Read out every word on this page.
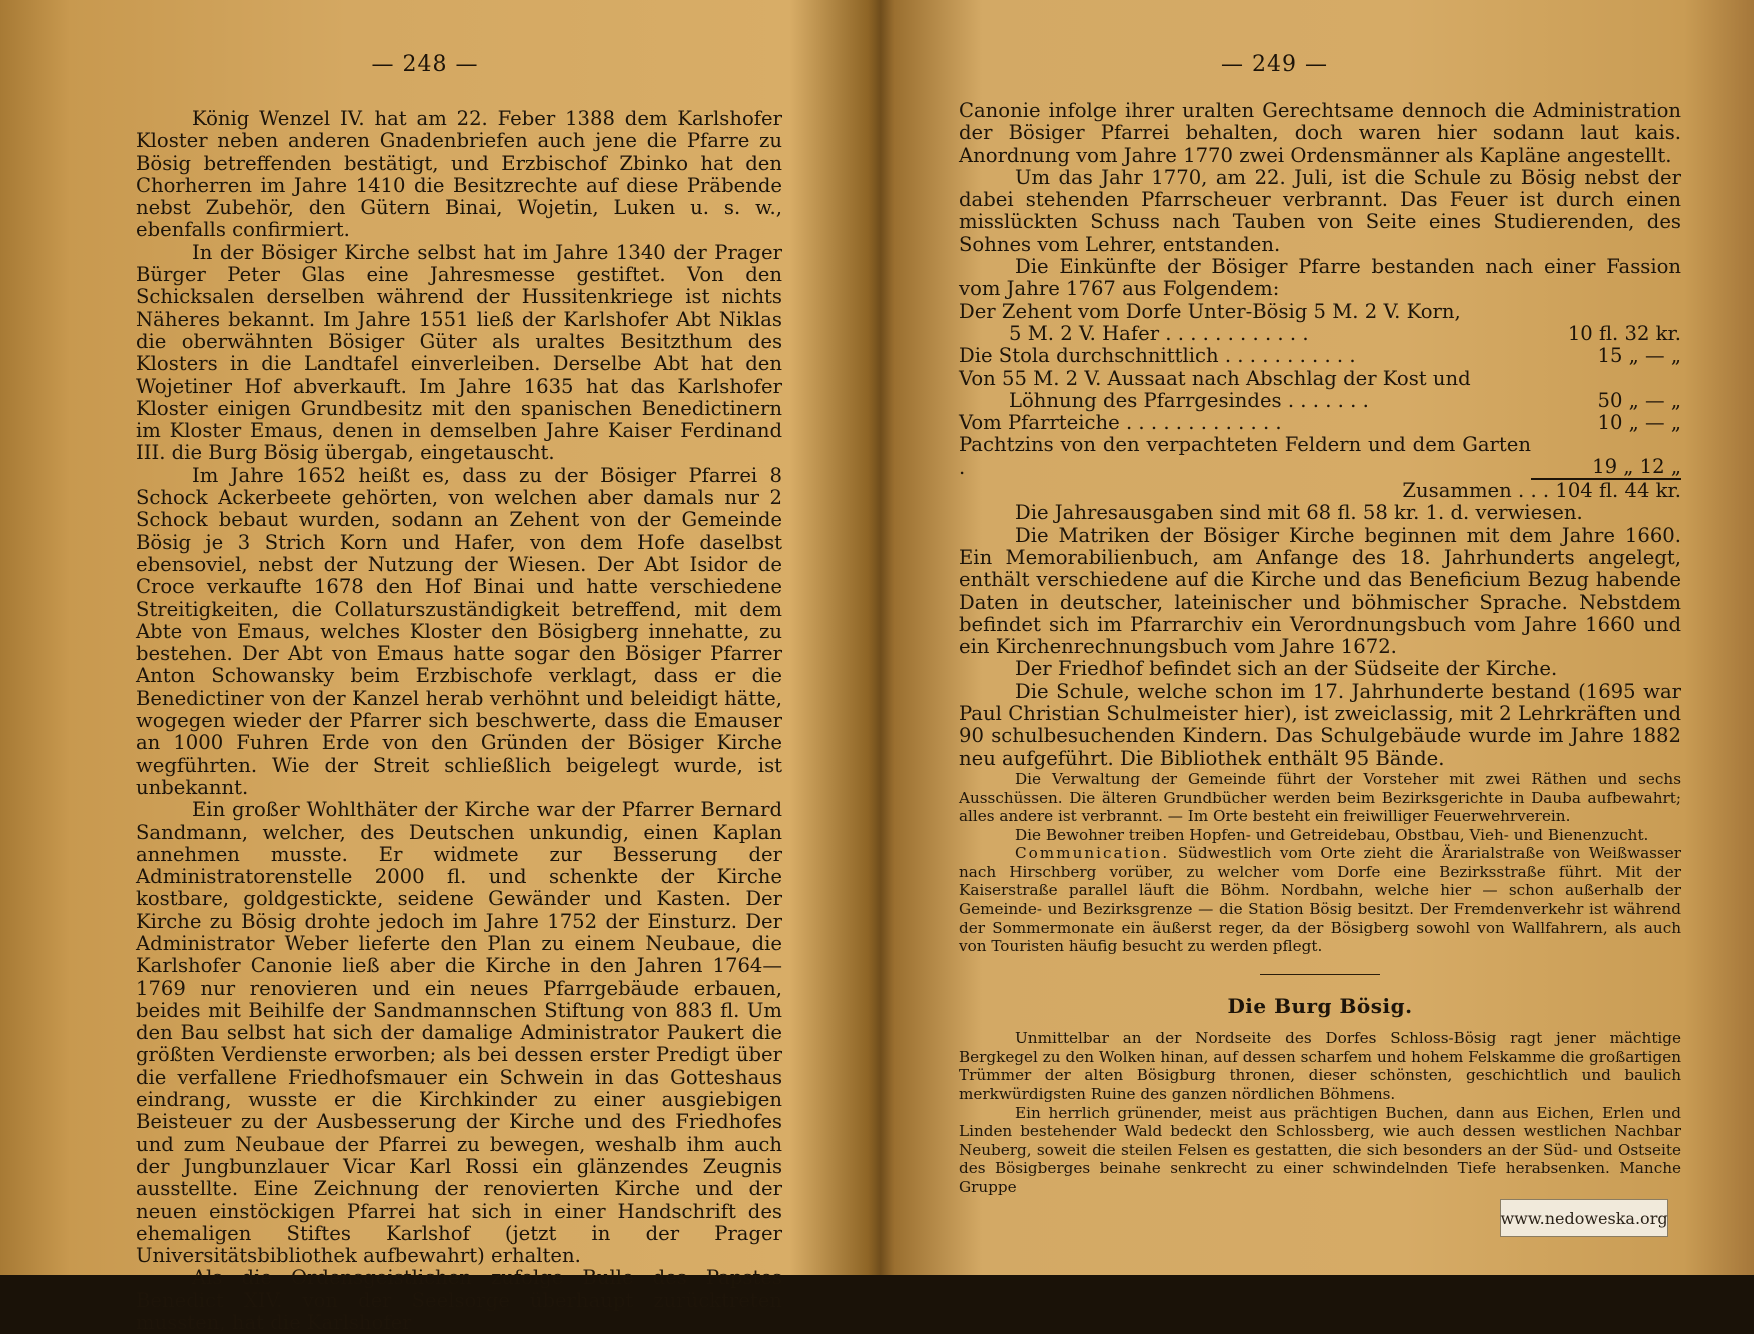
— 248 —

König Wenzel IV. hat am 22. Feber 1388 dem Karlshofer Kloster neben anderen Gnadenbriefen auch jene die Pfarre zu Bösig betreffenden bestätigt, und Erzbischof Zbinko hat den Chorherren im Jahre 1410 die Besitzrechte auf diese Präbende nebst Zubehör, den Gütern Binai, Wojetin, Luken u. s. w., ebenfalls confirmiert.

In der Bösiger Kirche selbst hat im Jahre 1340 der Prager Bürger Peter Glas eine Jahresmesse gestiftet. Von den Schicksalen derselben während der Hussitenkriege ist nichts Näheres bekannt. Im Jahre 1551 ließ der Karlshofer Abt Niklas die oberwähnten Bösiger Güter als uraltes Besitzthum des Klosters in die Landtafel einverleiben. Derselbe Abt hat den Wojetiner Hof abverkauft. Im Jahre 1635 hat das Karlshofer Kloster einigen Grundbesitz mit den spanischen Benedictinern im Kloster Emaus, denen in demselben Jahre Kaiser Ferdinand III. die Burg Bösig übergab, eingetauscht.

Im Jahre 1652 heißt es, dass zu der Bösiger Pfarrei 8 Schock Ackerbeete gehörten, von welchen aber damals nur 2 Schock bebaut wurden, sodann an Zehent von der Gemeinde Bösig je 3 Strich Korn und Hafer, von dem Hofe daselbst ebensoviel, nebst der Nutzung der Wiesen. Der Abt Isidor de Croce verkaufte 1678 den Hof Binai und hatte verschiedene Streitigkeiten, die Collaturszuständigkeit betreffend, mit dem Abte von Emaus, welches Kloster den Bösigberg innehatte, zu bestehen. Der Abt von Emaus hatte sogar den Bösiger Pfarrer Anton Schowansky beim Erzbischofe verklagt, dass er die Benedictiner von der Kanzel herab verhöhnt und beleidigt hätte, wogegen wieder der Pfarrer sich beschwerte, dass die Emauser an 1000 Fuhren Erde von den Gründen der Bösiger Kirche wegführten. Wie der Streit schließlich beigelegt wurde, ist unbekannt.

Ein großer Wohlthäter der Kirche war der Pfarrer Bernard Sandmann, welcher, des Deutschen unkundig, einen Kaplan annehmen musste. Er widmete zur Besserung der Administratorenstelle 2000 fl. und schenkte der Kirche kostbare, goldgestickte, seidene Gewänder und Kasten. Der Kirche zu Bösig drohte jedoch im Jahre 1752 der Einsturz. Der Administrator Weber lieferte den Plan zu einem Neubaue, die Karlshofer Canonie ließ aber die Kirche in den Jahren 1764—1769 nur renovieren und ein neues Pfarrgebäude erbauen, beides mit Beihilfe der Sandmannschen Stiftung von 883 fl. Um den Bau selbst hat sich der damalige Administrator Paukert die größten Verdienste erworben; als bei dessen erster Predigt über die verfallene Friedhofsmauer ein Schwein in das Gotteshaus eindrang, wusste er die Kirchkinder zu einer ausgiebigen Beisteuer zu der Ausbesserung der Kirche und des Friedhofes und zum Neubaue der Pfarrei zu bewegen, weshalb ihm auch der Jungbunzlauer Vicar Karl Rossi ein glänzendes Zeugnis ausstellte. Eine Zeichnung der renovierten Kirche und der neuen einstöckigen Pfarrei hat sich in einer Handschrift des ehemaligen Stiftes Karlshof (jetzt in der Prager Universitätsbibliothek aufbewahrt) erhalten.

Als die Ordensgeistlichen zufolge Bulle des Papstes Benedict XIV. von der Seelsorge überhaupt zurücktreten mussten, hat die Karlshofer

— 249 —

Canonie infolge ihrer uralten Gerechtsame dennoch die Administration der Bösiger Pfarrei behalten, doch waren hier sodann laut kais. Anordnung vom Jahre 1770 zwei Ordensmänner als Kapläne angestellt.

Um das Jahr 1770, am 22. Juli, ist die Schule zu Bösig nebst der dabei stehenden Pfarrscheuer verbrannt. Das Feuer ist durch einen misslückten Schuss nach Tauben von Seite eines Studierenden, des Sohnes vom Lehrer, entstanden.

Die Einkünfte der Bösiger Pfarre bestanden nach einer Fassion vom Jahre 1767 aus Folgendem:

Der Zehent vom Dorfe Unter-Bösig 5 M. 2 V. Korn,	
5 M. 2 V. Hafer . . . . . . . . . . . .	10 fl. 32 kr.
Die Stola durchschnittlich . . . . . . . . . . .	15 „ — „
Von 55 M. 2 V. Aussaat nach Abschlag der Kost und	
Löhnung des Pfarrgesindes . . . . . . .	50 „ — „
Vom Pfarrteiche . . . . . . . . . . . . .	10 „ — „
Pachtzins von den verpachteten Feldern und dem Garten .	19 „ 12 „
Zusammen . . . 104 fl. 44 kr.	

Die Jahresausgaben sind mit 68 fl. 58 kr. 1. d. verwiesen.

Die Matriken der Bösiger Kirche beginnen mit dem Jahre 1660. Ein Memorabilienbuch, am Anfange des 18. Jahrhunderts angelegt, enthält verschiedene auf die Kirche und das Beneficium Bezug habende Daten in deutscher, lateinischer und böhmischer Sprache. Nebstdem befindet sich im Pfarrarchiv ein Verordnungsbuch vom Jahre 1660 und ein Kirchenrechnungsbuch vom Jahre 1672.

Der Friedhof befindet sich an der Südseite der Kirche.

Die Schule, welche schon im 17. Jahrhunderte bestand (1695 war Paul Christian Schulmeister hier), ist zweiclassig, mit 2 Lehrkräften und 90 schulbesuchenden Kindern. Das Schulgebäude wurde im Jahre 1882 neu aufgeführt. Die Bibliothek enthält 95 Bände.

Die Verwaltung der Gemeinde führt der Vorsteher mit zwei Räthen und sechs Ausschüssen. Die älteren Grundbücher werden beim Bezirksgerichte in Dauba aufbewahrt; alles andere ist verbrannt. — Im Orte besteht ein freiwilliger Feuerwehrverein.

Die Bewohner treiben Hopfen- und Getreidebau, Obstbau, Vieh- und Bienenzucht.

Communication. Südwestlich vom Orte zieht die Ärarialstraße von Weißwasser nach Hirschberg vorüber, zu welcher vom Dorfe eine Bezirksstraße führt. Mit der Kaiserstraße parallel läuft die Böhm. Nordbahn, welche hier — schon außerhalb der Gemeinde- und Bezirksgrenze — die Station Bösig besitzt. Der Fremdenverkehr ist während der Sommermonate ein äußerst reger, da der Bösigberg sowohl von Wallfahrern, als auch von Touristen häufig besucht zu werden pflegt.

Die Burg Bösig.

Unmittelbar an der Nordseite des Dorfes Schloss-Bösig ragt jener mächtige Bergkegel zu den Wolken hinan, auf dessen scharfem und hohem Felskamme die großartigen Trümmer der alten Bösigburg thronen, dieser schönsten, geschichtlich und baulich merkwürdigsten Ruine des ganzen nördlichen Böhmens.

Ein herrlich grünender, meist aus prächtigen Buchen, dann aus Eichen, Erlen und Linden bestehender Wald bedeckt den Schlossberg, wie auch dessen westlichen Nachbar Neuberg, soweit die steilen Felsen es gestatten, die sich besonders an der Süd- und Ostseite des Bösigberges beinahe senkrecht zu einer schwindelnden Tiefe herabsenken. Manche Gruppe

www.nedoweska.org
